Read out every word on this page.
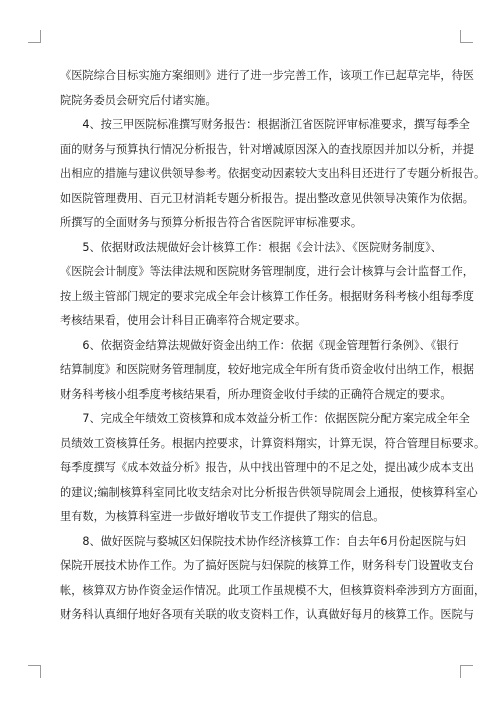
《医院综合目标实施方案细则》进行了进一步完善工作，该项工作已起草完毕，待医
院院务委员会研究后付诸实施。
　　4、按三甲医院标准撰写财务报告：根据浙江省医院评审标准要求，撰写每季全
面的财务与预算执行情况分析报告，针对增减原因深入的查找原因并加以分析，并提
出相应的措施与建议供领导参考。依据变动因素较大支出科目还进行了专题分析报告。
如医院管理费用、百元卫材消耗专题分析报告。提出整改意见供领导决策作为依据。
所撰写的全面财务与预算分析报告符合省医院评审标准要求。
　　5、依据财政法规做好会计核算工作：根据《会计法》、《医院财务制度》、
《医院会计制度》等法律法规和医院财务管理制度，进行会计核算与会计监督工作，
按上级主管部门规定的要求完成全年会计核算工作任务。根据财务科考核小组每季度
考核结果看，使用会计科目正确率符合规定要求。
　　6、依据资金结算法规做好资金出纳工作：依据《现金管理暂行条例》、《银行
结算制度》和医院财务管理制度，较好地完成全年所有货币资金收付出纳工作，根据
财务科考核小组季度考核结果看，所办理资金收付手续的正确符合规定的要求。
　　7、完成全年绩效工资核算和成本效益分析工作：依据医院分配方案完成全年全
员绩效工资核算任务。根据内控要求，计算资料翔实，计算无误，符合管理目标要求。
每季度撰写《成本效益分析》报告，从中找出管理中的不足之处，提出减少成本支出
的建议;编制核算科室同比收支结余对比分析报告供领导院周会上通报，使核算科室心
里有数，为核算科室进一步做好增收节支工作提供了翔实的信息。
　　8、做好医院与婺城区妇保院技术协作经济核算工作：自去年6月份起医院与妇
保院开展技术协作工作。为了搞好医院与妇保院的核算工作，财务科专门设置收支台
帐，核算双方协作资金运作情况。此项工作虽规模不大，但核算资料牵涉到方方面面，
财务科认真细仔地好各项有关联的收支资料工作，认真做好每月的核算工作。医院与
